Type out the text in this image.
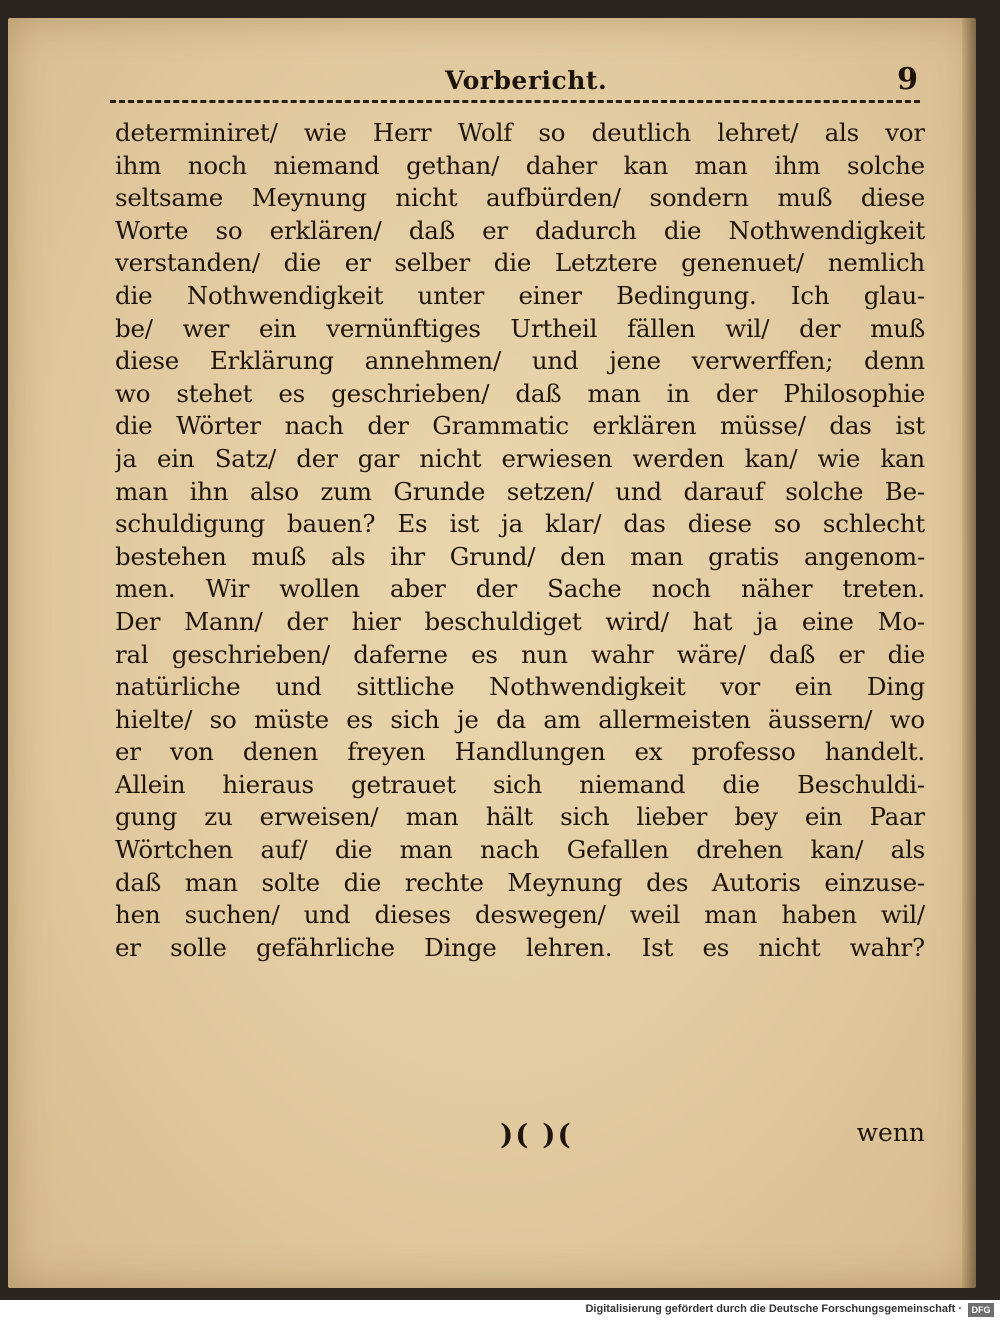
Vorbericht.	9
determiniret/ wie Herr Wolf so deutlich lehret/ als vor
ihm noch niemand gethan/ daher kan man ihm solche
seltsame Meynung nicht aufbürden/ sondern muß diese
Worte so erklären/ daß er dadurch die Nothwendigkeit
verstanden/ die er selber die Letztere genenuet/ nemlich
die Nothwendigkeit unter einer Bedingung. Ich glau-
be/ wer ein vernünftiges Urtheil fällen wil/ der muß
diese Erklärung annehmen/ und jene verwerffen; denn
wo stehet es geschrieben/ daß man in der Philosophie
die Wörter nach der Grammatic erklären müsse/ das ist
ja ein Satz/ der gar nicht erwiesen werden kan/ wie kan
man ihn also zum Grunde setzen/ und darauf solche Be-
schuldigung bauen? Es ist ja klar/ das diese so schlecht
bestehen muß als ihr Grund/ den man gratis angenom-
men. Wir wollen aber der Sache noch näher treten.
Der Mann/ der hier beschuldiget wird/ hat ja eine Mo-
ral geschrieben/ daferne es nun wahr wäre/ daß er die
natürliche und sittliche Nothwendigkeit vor ein Ding
hielte/ so müste es sich je da am allermeisten äussern/ wo
er von denen freyen Handlungen ex professo handelt.
Allein hieraus getrauet sich niemand die Beschuldi-
gung zu erweisen/ man hält sich lieber bey ein Paar
Wörtchen auf/ die man nach Gefallen drehen kan/ als
daß man solte die rechte Meynung des Autoris einzuse-
hen suchen/ und dieses deswegen/ weil man haben wil/
er solle gefährliche Dinge lehren. Ist es nicht wahr?
)( )(	wenn
Digitalisierung gefördert durch die Deutsche Forschungsgemeinschaft ·	DFG
